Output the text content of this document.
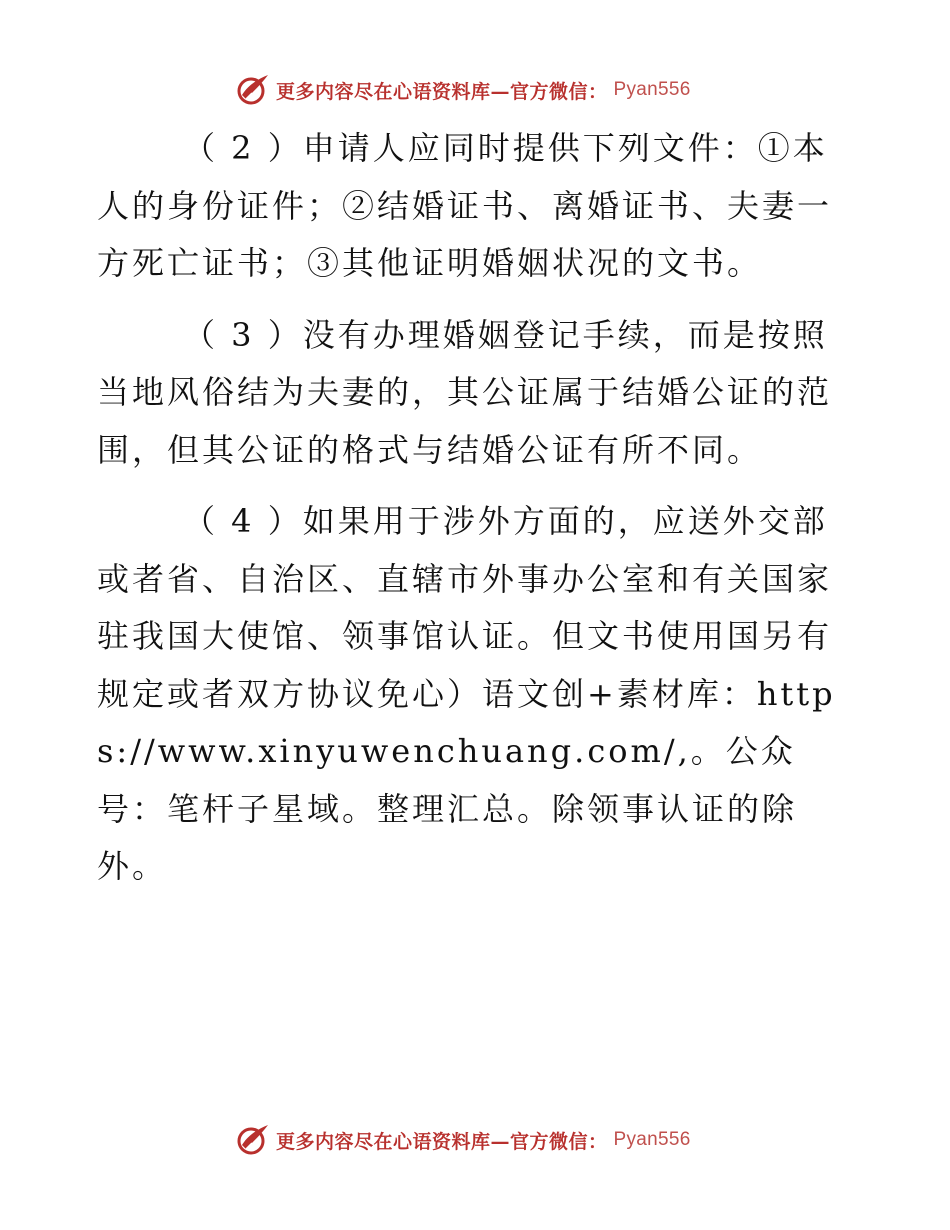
更多内容尽在心语资料库—官方微信： Pyan556

（ 2 ）申请人应同时提供下列文件：①本人的身份证件；②结婚证书、离婚证书、夫妻一方死亡证书；③其他证明婚姻状况的文书。

（ 3 ）没有办理婚姻登记手续，而是按照当地风俗结为夫妻的，其公证属于结婚公证的范围，但其公证的格式与结婚公证有所不同。

（ 4 ）如果用于涉外方面的，应送外交部或者省、自治区、直辖市外事办公室和有关国家驻我国大使馆、领事馆认证。但文书使用国另有规定或者双方协议免心）语文创+素材库：https://www.xinyuwenchuang.com/,。公众号：笔杆子星域。整理汇总。除领事认证的除外。

更多内容尽在心语资料库—官方微信： Pyan556
